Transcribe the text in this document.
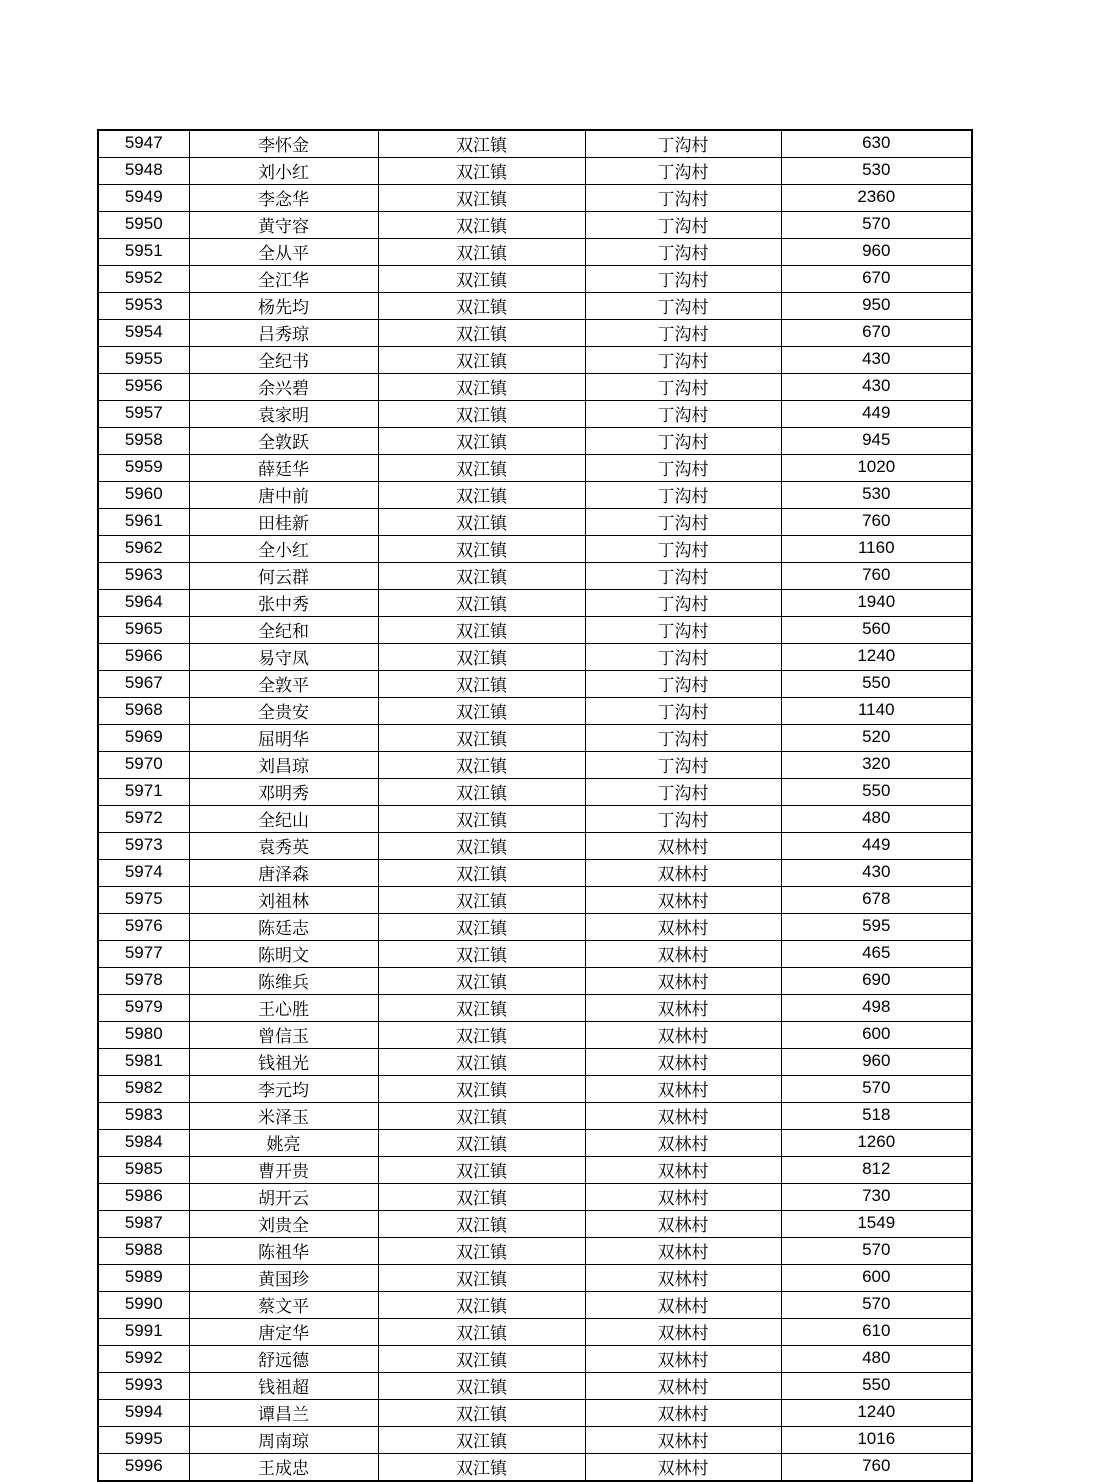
5947	李怀金	双江镇	丁沟村	630
5948	刘小红	双江镇	丁沟村	530
5949	李念华	双江镇	丁沟村	2360
5950	黄守容	双江镇	丁沟村	570
5951	全从平	双江镇	丁沟村	960
5952	全江华	双江镇	丁沟村	670
5953	杨先均	双江镇	丁沟村	950
5954	吕秀琼	双江镇	丁沟村	670
5955	全纪书	双江镇	丁沟村	430
5956	余兴碧	双江镇	丁沟村	430
5957	袁家明	双江镇	丁沟村	449
5958	全敦跃	双江镇	丁沟村	945
5959	薛廷华	双江镇	丁沟村	1020
5960	唐中前	双江镇	丁沟村	530
5961	田桂新	双江镇	丁沟村	760
5962	全小红	双江镇	丁沟村	1160
5963	何云群	双江镇	丁沟村	760
5964	张中秀	双江镇	丁沟村	1940
5965	全纪和	双江镇	丁沟村	560
5966	易守凤	双江镇	丁沟村	1240
5967	全敦平	双江镇	丁沟村	550
5968	全贵安	双江镇	丁沟村	1140
5969	屈明华	双江镇	丁沟村	520
5970	刘昌琼	双江镇	丁沟村	320
5971	邓明秀	双江镇	丁沟村	550
5972	全纪山	双江镇	丁沟村	480
5973	袁秀英	双江镇	双林村	449
5974	唐泽森	双江镇	双林村	430
5975	刘祖林	双江镇	双林村	678
5976	陈廷志	双江镇	双林村	595
5977	陈明文	双江镇	双林村	465
5978	陈维兵	双江镇	双林村	690
5979	王心胜	双江镇	双林村	498
5980	曾信玉	双江镇	双林村	600
5981	钱祖光	双江镇	双林村	960
5982	李元均	双江镇	双林村	570
5983	米泽玉	双江镇	双林村	518
5984	姚亮	双江镇	双林村	1260
5985	曹开贵	双江镇	双林村	812
5986	胡开云	双江镇	双林村	730
5987	刘贵全	双江镇	双林村	1549
5988	陈祖华	双江镇	双林村	570
5989	黄国珍	双江镇	双林村	600
5990	蔡文平	双江镇	双林村	570
5991	唐定华	双江镇	双林村	610
5992	舒远德	双江镇	双林村	480
5993	钱祖超	双江镇	双林村	550
5994	谭昌兰	双江镇	双林村	1240
5995	周南琼	双江镇	双林村	1016
5996	王成忠	双江镇	双林村	760
